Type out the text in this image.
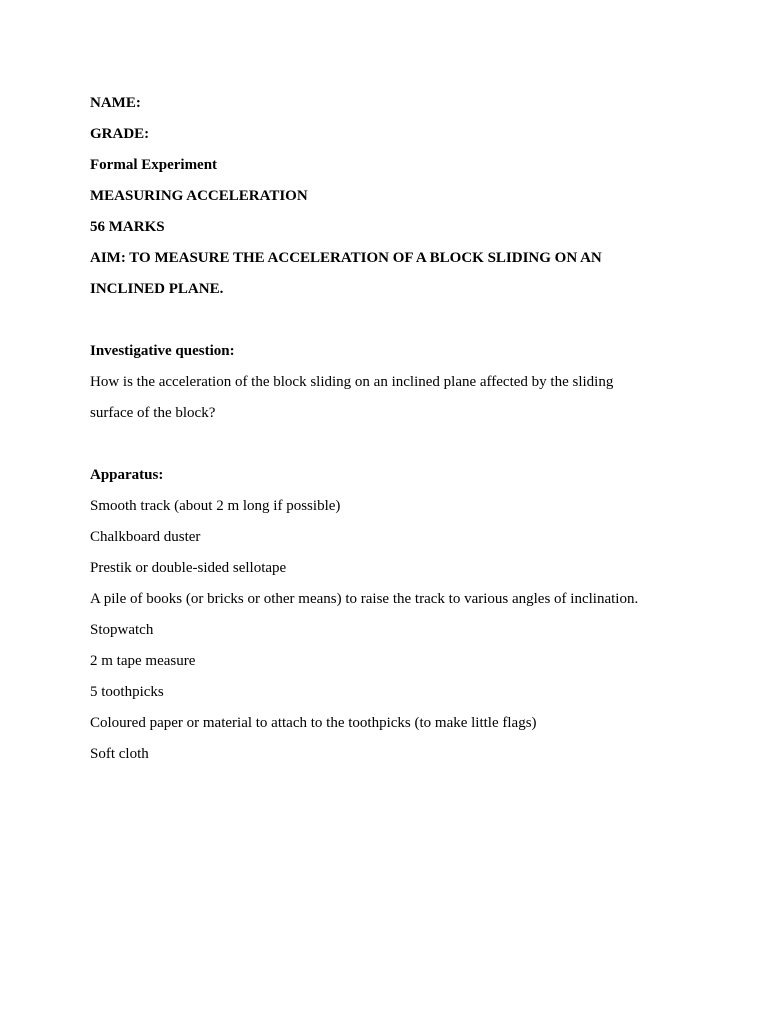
NAME:
GRADE:
Formal Experiment
MEASURING ACCELERATION
56 MARKS
AIM: TO MEASURE THE ACCELERATION OF A BLOCK SLIDING ON AN
INCLINED PLANE.
Investigative question:
How is the acceleration of the block sliding on an inclined plane affected by the sliding
surface of the block?
Apparatus:
Smooth track (about 2 m long if possible)
Chalkboard duster
Prestik or double-sided sellotape
A pile of books (or bricks or other means) to raise the track to various angles of inclination.
Stopwatch
2 m tape measure
5 toothpicks
Coloured paper or material to attach to the toothpicks (to make little flags)
Soft cloth
